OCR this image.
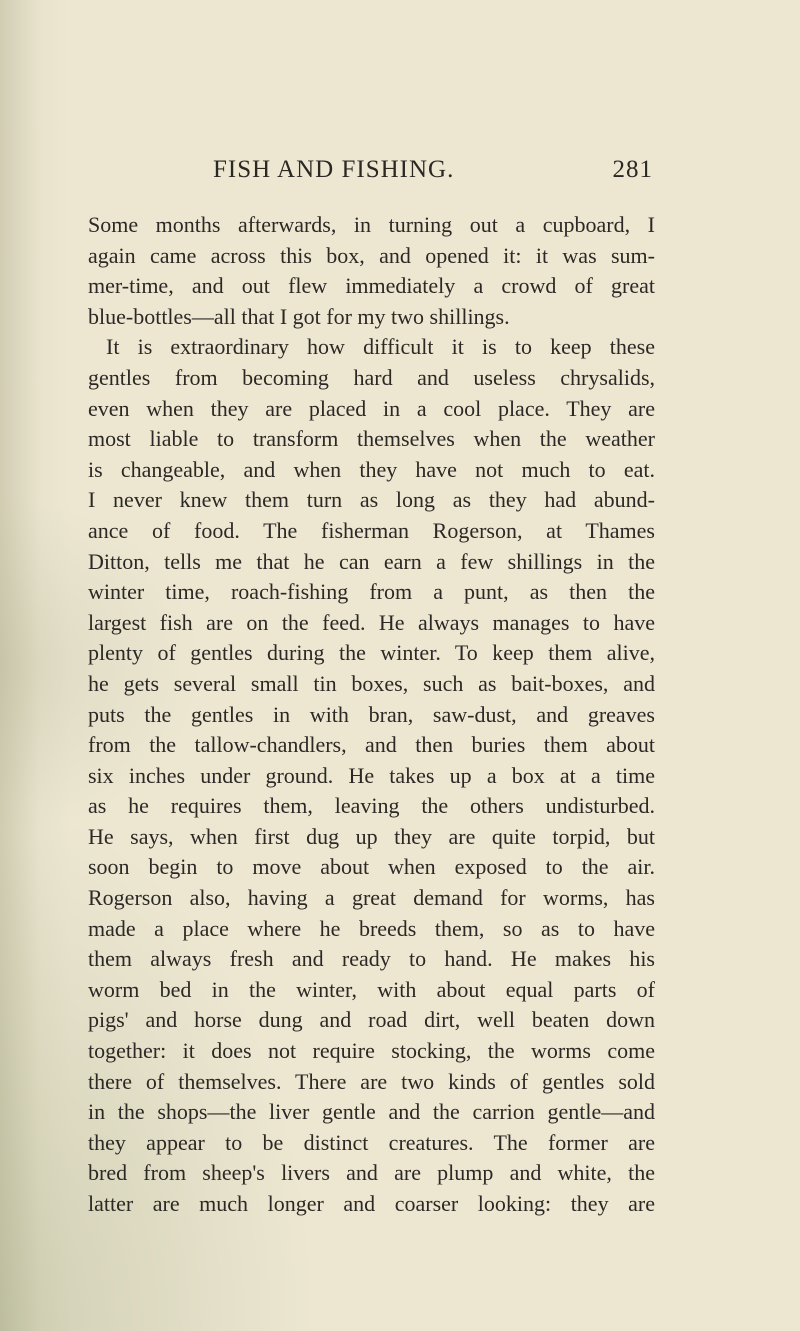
FISH AND FISHING.	281
Some months afterwards, in turning out a cupboard, I
again came across this box, and opened it: it was sum-
mer-time, and out flew immediately a crowd of great
blue-bottles—all that I got for my two shillings.
It is extraordinary how difficult it is to keep these
gentles from becoming hard and useless chrysalids,
even when they are placed in a cool place. They are
most liable to transform themselves when the weather
is changeable, and when they have not much to eat.
I never knew them turn as long as they had abund-
ance of food. The fisherman Rogerson, at Thames
Ditton, tells me that he can earn a few shillings in the
winter time, roach-fishing from a punt, as then the
largest fish are on the feed. He always manages to have
plenty of gentles during the winter. To keep them alive,
he gets several small tin boxes, such as bait-boxes, and
puts the gentles in with bran, saw-dust, and greaves
from the tallow-chandlers, and then buries them about
six inches under ground. He takes up a box at a time
as he requires them, leaving the others undisturbed.
He says, when first dug up they are quite torpid, but
soon begin to move about when exposed to the air.
Rogerson also, having a great demand for worms, has
made a place where he breeds them, so as to have
them always fresh and ready to hand. He makes his
worm bed in the winter, with about equal parts of
pigs' and horse dung and road dirt, well beaten down
together: it does not require stocking, the worms come
there of themselves. There are two kinds of gentles sold
in the shops—the liver gentle and the carrion gentle—and
they appear to be distinct creatures. The former are
bred from sheep's livers and are plump and white, the
latter are much longer and coarser looking: they are
